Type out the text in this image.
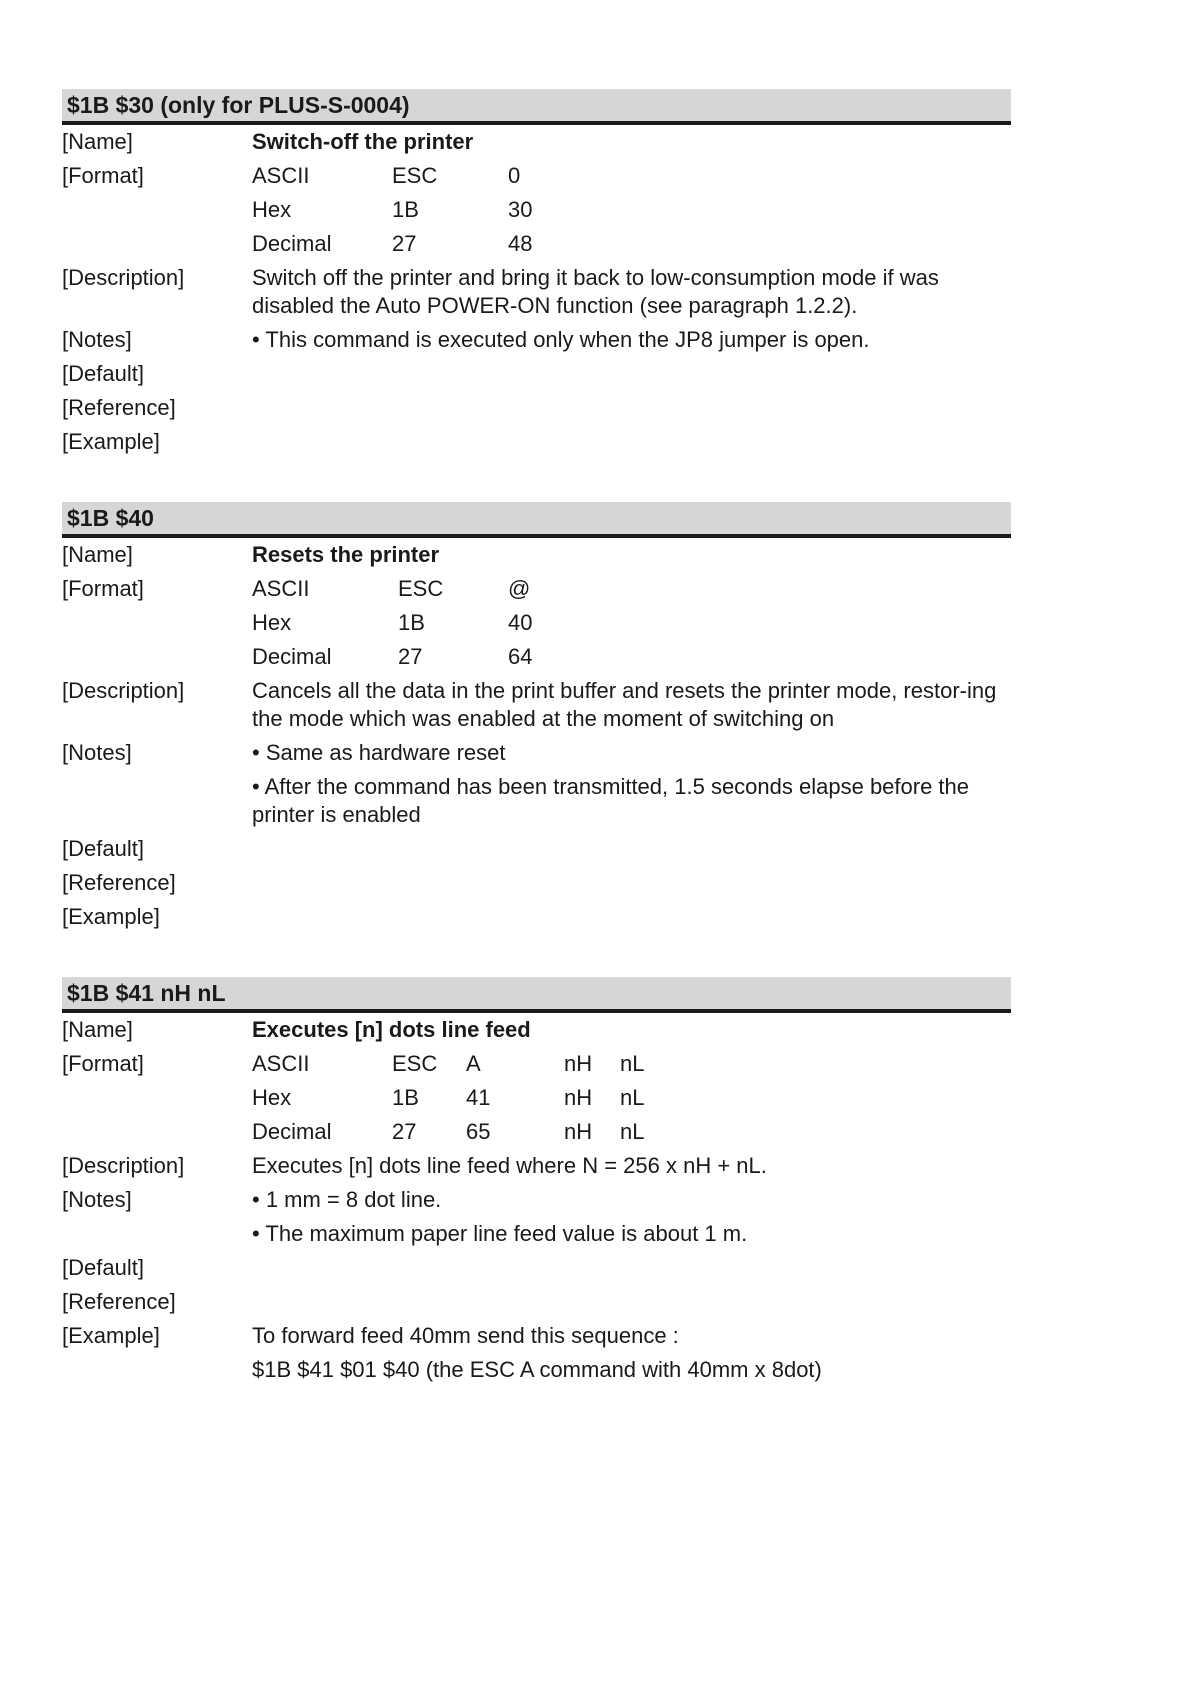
$1B $30 (only for PLUS-S-0004)
[Name]	Switch-off the printer
[Format]	ASCII	ESC	0
Hex	1B	30
Decimal	27	48
[Description]	Switch off the printer and bring it back to low-consumption mode if was disabled the Auto POWER-ON function (see paragraph 1.2.2).
[Notes]	• This command is executed only when the JP8 jumper is open.
[Default]
[Reference]
[Example]
$1B $40
[Name]	Resets the printer
[Format]	ASCII	ESC	@
Hex	1B	40
Decimal	27	64
[Description]	Cancels all the data in the print buffer and resets the printer mode, restor-ing the mode which was enabled at the moment of switching on
[Notes]	• Same as hardware reset
• After the command has been transmitted, 1.5 seconds elapse before the printer is enabled
[Default]
[Reference]
[Example]
$1B $41 nH nL
[Name]	Executes [n] dots line feed
[Format]	ASCII	ESC A	nH nL
Hex	1B 41	nH nL
Decimal	27 65	nH nL
[Description]	Executes [n] dots line feed where N = 256 x nH + nL.
[Notes]	• 1 mm = 8 dot line.
• The maximum paper line feed value is about 1 m.
[Default]
[Reference]
[Example]	To forward feed 40mm send this sequence :
$1B $41 $01 $40 (the ESC A command with 40mm x 8dot)
